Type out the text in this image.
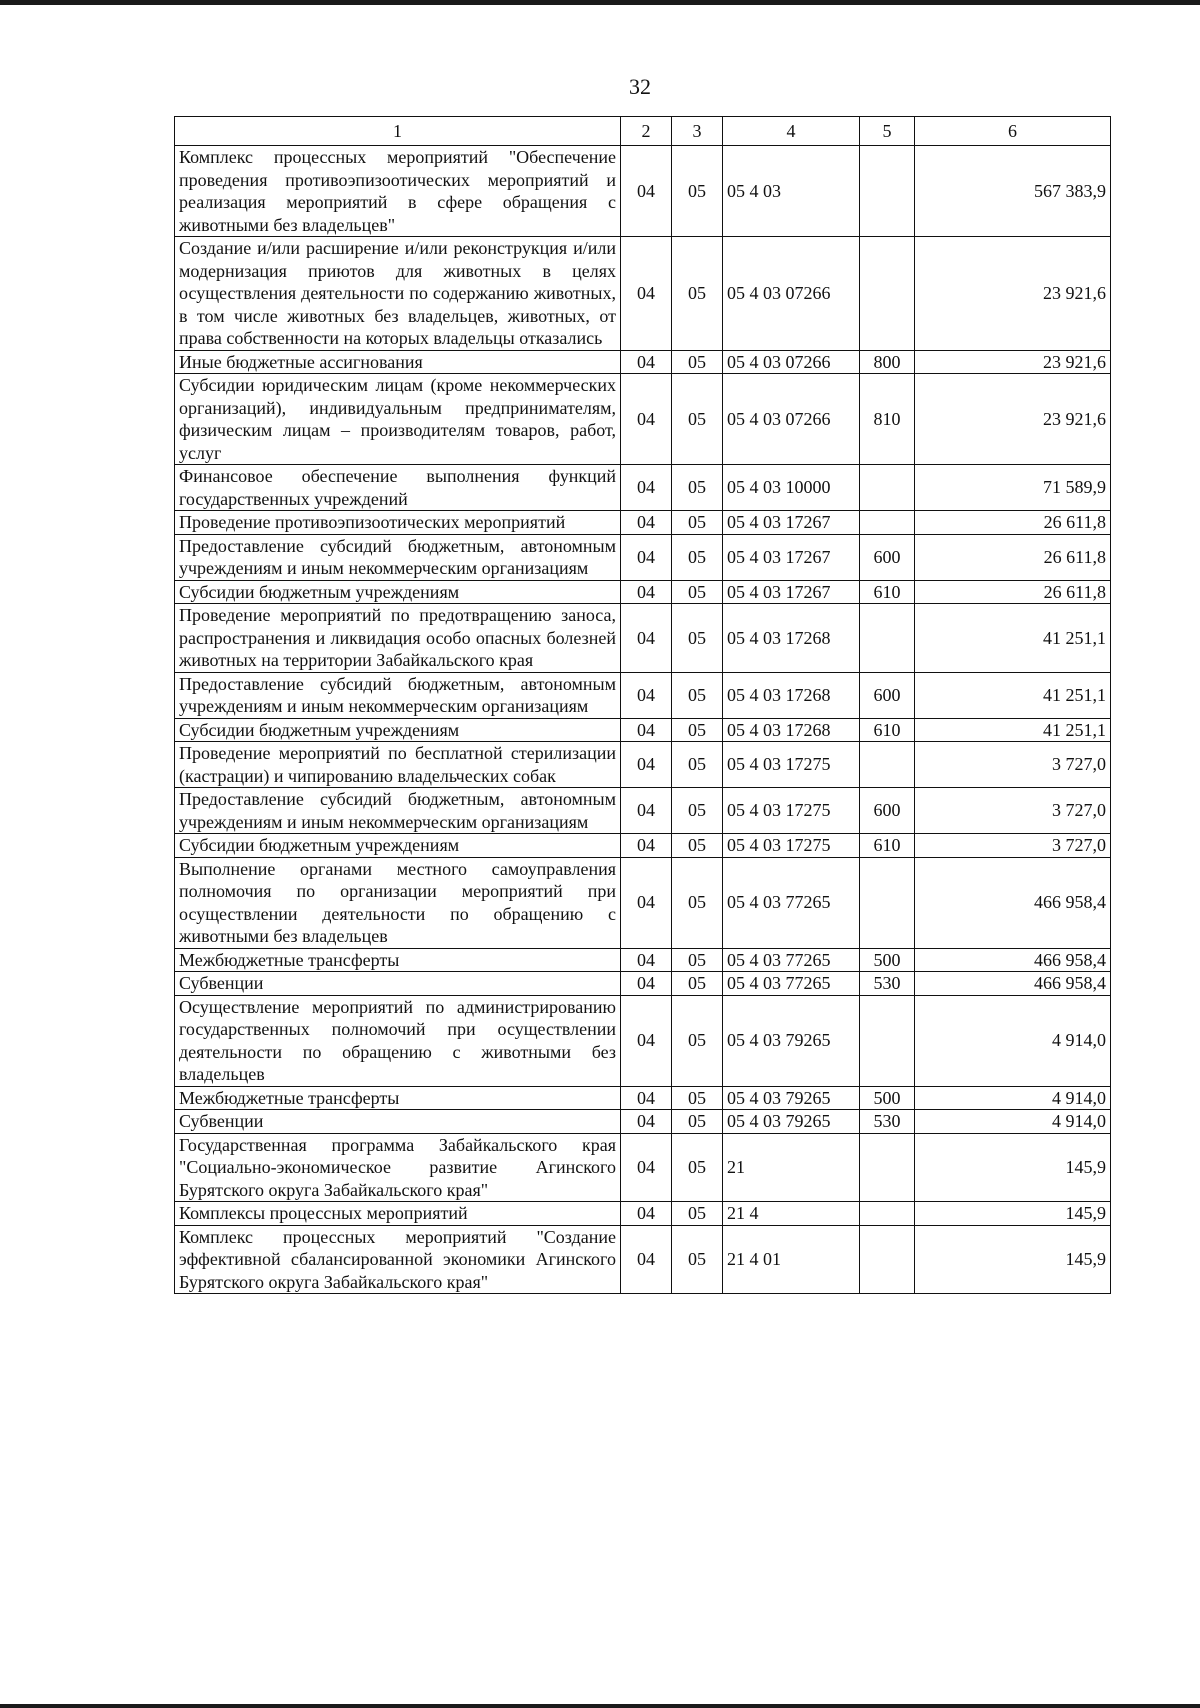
32
1	2	3	4	5	6
Комплекс процессных мероприятий "Обеспечение проведения противоэпизоотических мероприятий и реализация мероприятий в сфере обращения с животными без владельцев"	04	05	05 4 03		567 383,9
Создание и/или расширение и/или реконструкция и/или модернизация приютов для животных в целях осуществления деятельности по содержанию животных, в том числе животных без владельцев, животных, от права собственности на которых владельцы отказались	04	05	05 4 03 07266		23 921,6
Иные бюджетные ассигнования	04	05	05 4 03 07266	800	23 921,6
Субсидии юридическим лицам (кроме некоммерческих организаций), индивидуальным предпринимателям, физическим лицам – производителям товаров, работ, услуг	04	05	05 4 03 07266	810	23 921,6
Финансовое обеспечение выполнения функций государственных учреждений	04	05	05 4 03 10000		71 589,9
Проведение противоэпизоотических мероприятий	04	05	05 4 03 17267		26 611,8
Предоставление субсидий бюджетным, автономным учреждениям и иным некоммерческим организациям	04	05	05 4 03 17267	600	26 611,8
Субсидии бюджетным учреждениям	04	05	05 4 03 17267	610	26 611,8
Проведение мероприятий по предотвращению заноса, распространения и ликвидация особо опасных болезней животных на территории Забайкальского края	04	05	05 4 03 17268		41 251,1
Предоставление субсидий бюджетным, автономным учреждениям и иным некоммерческим организациям	04	05	05 4 03 17268	600	41 251,1
Субсидии бюджетным учреждениям	04	05	05 4 03 17268	610	41 251,1
Проведение мероприятий по бесплатной стерилизации (кастрации) и чипированию владельческих собак	04	05	05 4 03 17275		3 727,0
Предоставление субсидий бюджетным, автономным учреждениям и иным некоммерческим организациям	04	05	05 4 03 17275	600	3 727,0
Субсидии бюджетным учреждениям	04	05	05 4 03 17275	610	3 727,0
Выполнение органами местного самоуправления полномочия по организации мероприятий при осуществлении деятельности по обращению с животными без владельцев	04	05	05 4 03 77265		466 958,4
Межбюджетные трансферты	04	05	05 4 03 77265	500	466 958,4
Субвенции	04	05	05 4 03 77265	530	466 958,4
Осуществление мероприятий по администрированию государственных полномочий при осуществлении деятельности по обращению с животными без владельцев	04	05	05 4 03 79265		4 914,0
Межбюджетные трансферты	04	05	05 4 03 79265	500	4 914,0
Субвенции	04	05	05 4 03 79265	530	4 914,0
Государственная программа Забайкальского края "Социально-экономическое развитие Агинского Бурятского округа Забайкальского края"	04	05	21		145,9
Комплексы процессных мероприятий	04	05	21 4		145,9
Комплекс процессных мероприятий "Создание эффективной сбалансированной экономики Агинского Бурятского округа Забайкальского края"	04	05	21 4 01		145,9
